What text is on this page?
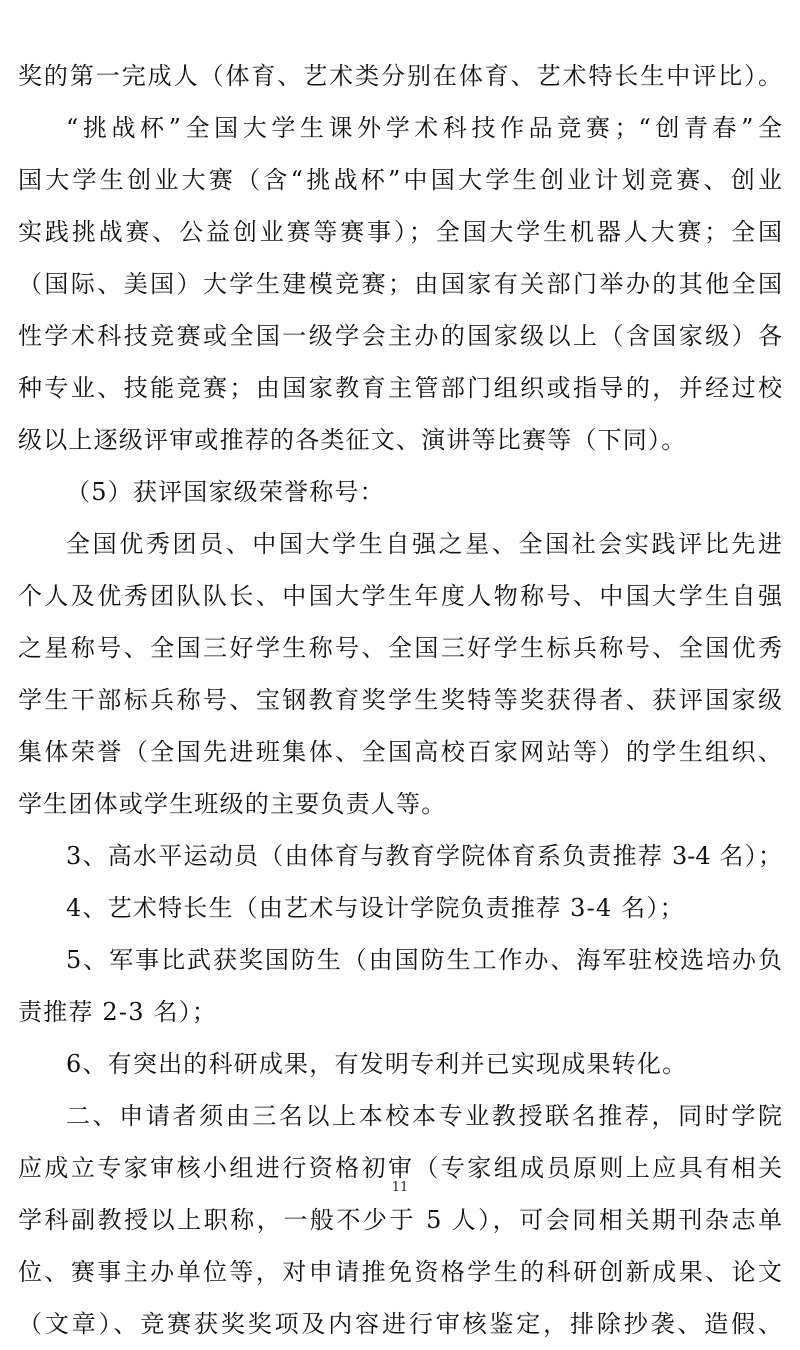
奖的第一完成人（体育、艺术类分别在体育、艺术特长生中评比）。
“挑战杯”全国大学生课外学术科技作品竞赛；“创青春”全
国大学生创业大赛（含“挑战杯”中国大学生创业计划竞赛、创业
实践挑战赛、公益创业赛等赛事）；全国大学生机器人大赛；全国
（国际、美国）大学生建模竞赛；由国家有关部门举办的其他全国
性学术科技竞赛或全国一级学会主办的国家级以上（含国家级）各
种专业、技能竞赛；由国家教育主管部门组织或指导的，并经过校
级以上逐级评审或推荐的各类征文、演讲等比赛等（下同）。
（5）获评国家级荣誉称号：
全国优秀团员、中国大学生自强之星、全国社会实践评比先进
个人及优秀团队队长、中国大学生年度人物称号、中国大学生自强
之星称号、全国三好学生称号、全国三好学生标兵称号、全国优秀
学生干部标兵称号、宝钢教育奖学生奖特等奖获得者、获评国家级
集体荣誉（全国先进班集体、全国高校百家网站等）的学生组织、
学生团体或学生班级的主要负责人等。
3、高水平运动员（由体育与教育学院体育系负责推荐 3-4 名）；
4、艺术特长生（由艺术与设计学院负责推荐 3-4 名）；
5、军事比武获奖国防生（由国防生工作办、海军驻校选培办负
责推荐 2-3 名）；
6、有突出的科研成果，有发明专利并已实现成果转化。
二、申请者须由三名以上本校本专业教授联名推荐，同时学院
应成立专家审核小组进行资格初审（专家组成员原则上应具有相关
学科副教授以上职称，一般不少于 5 人），可会同相关期刊杂志单
位、赛事主办单位等，对申请推免资格学生的科研创新成果、论文
（文章）、竞赛获奖奖项及内容进行审核鉴定，排除抄袭、造假、
11
